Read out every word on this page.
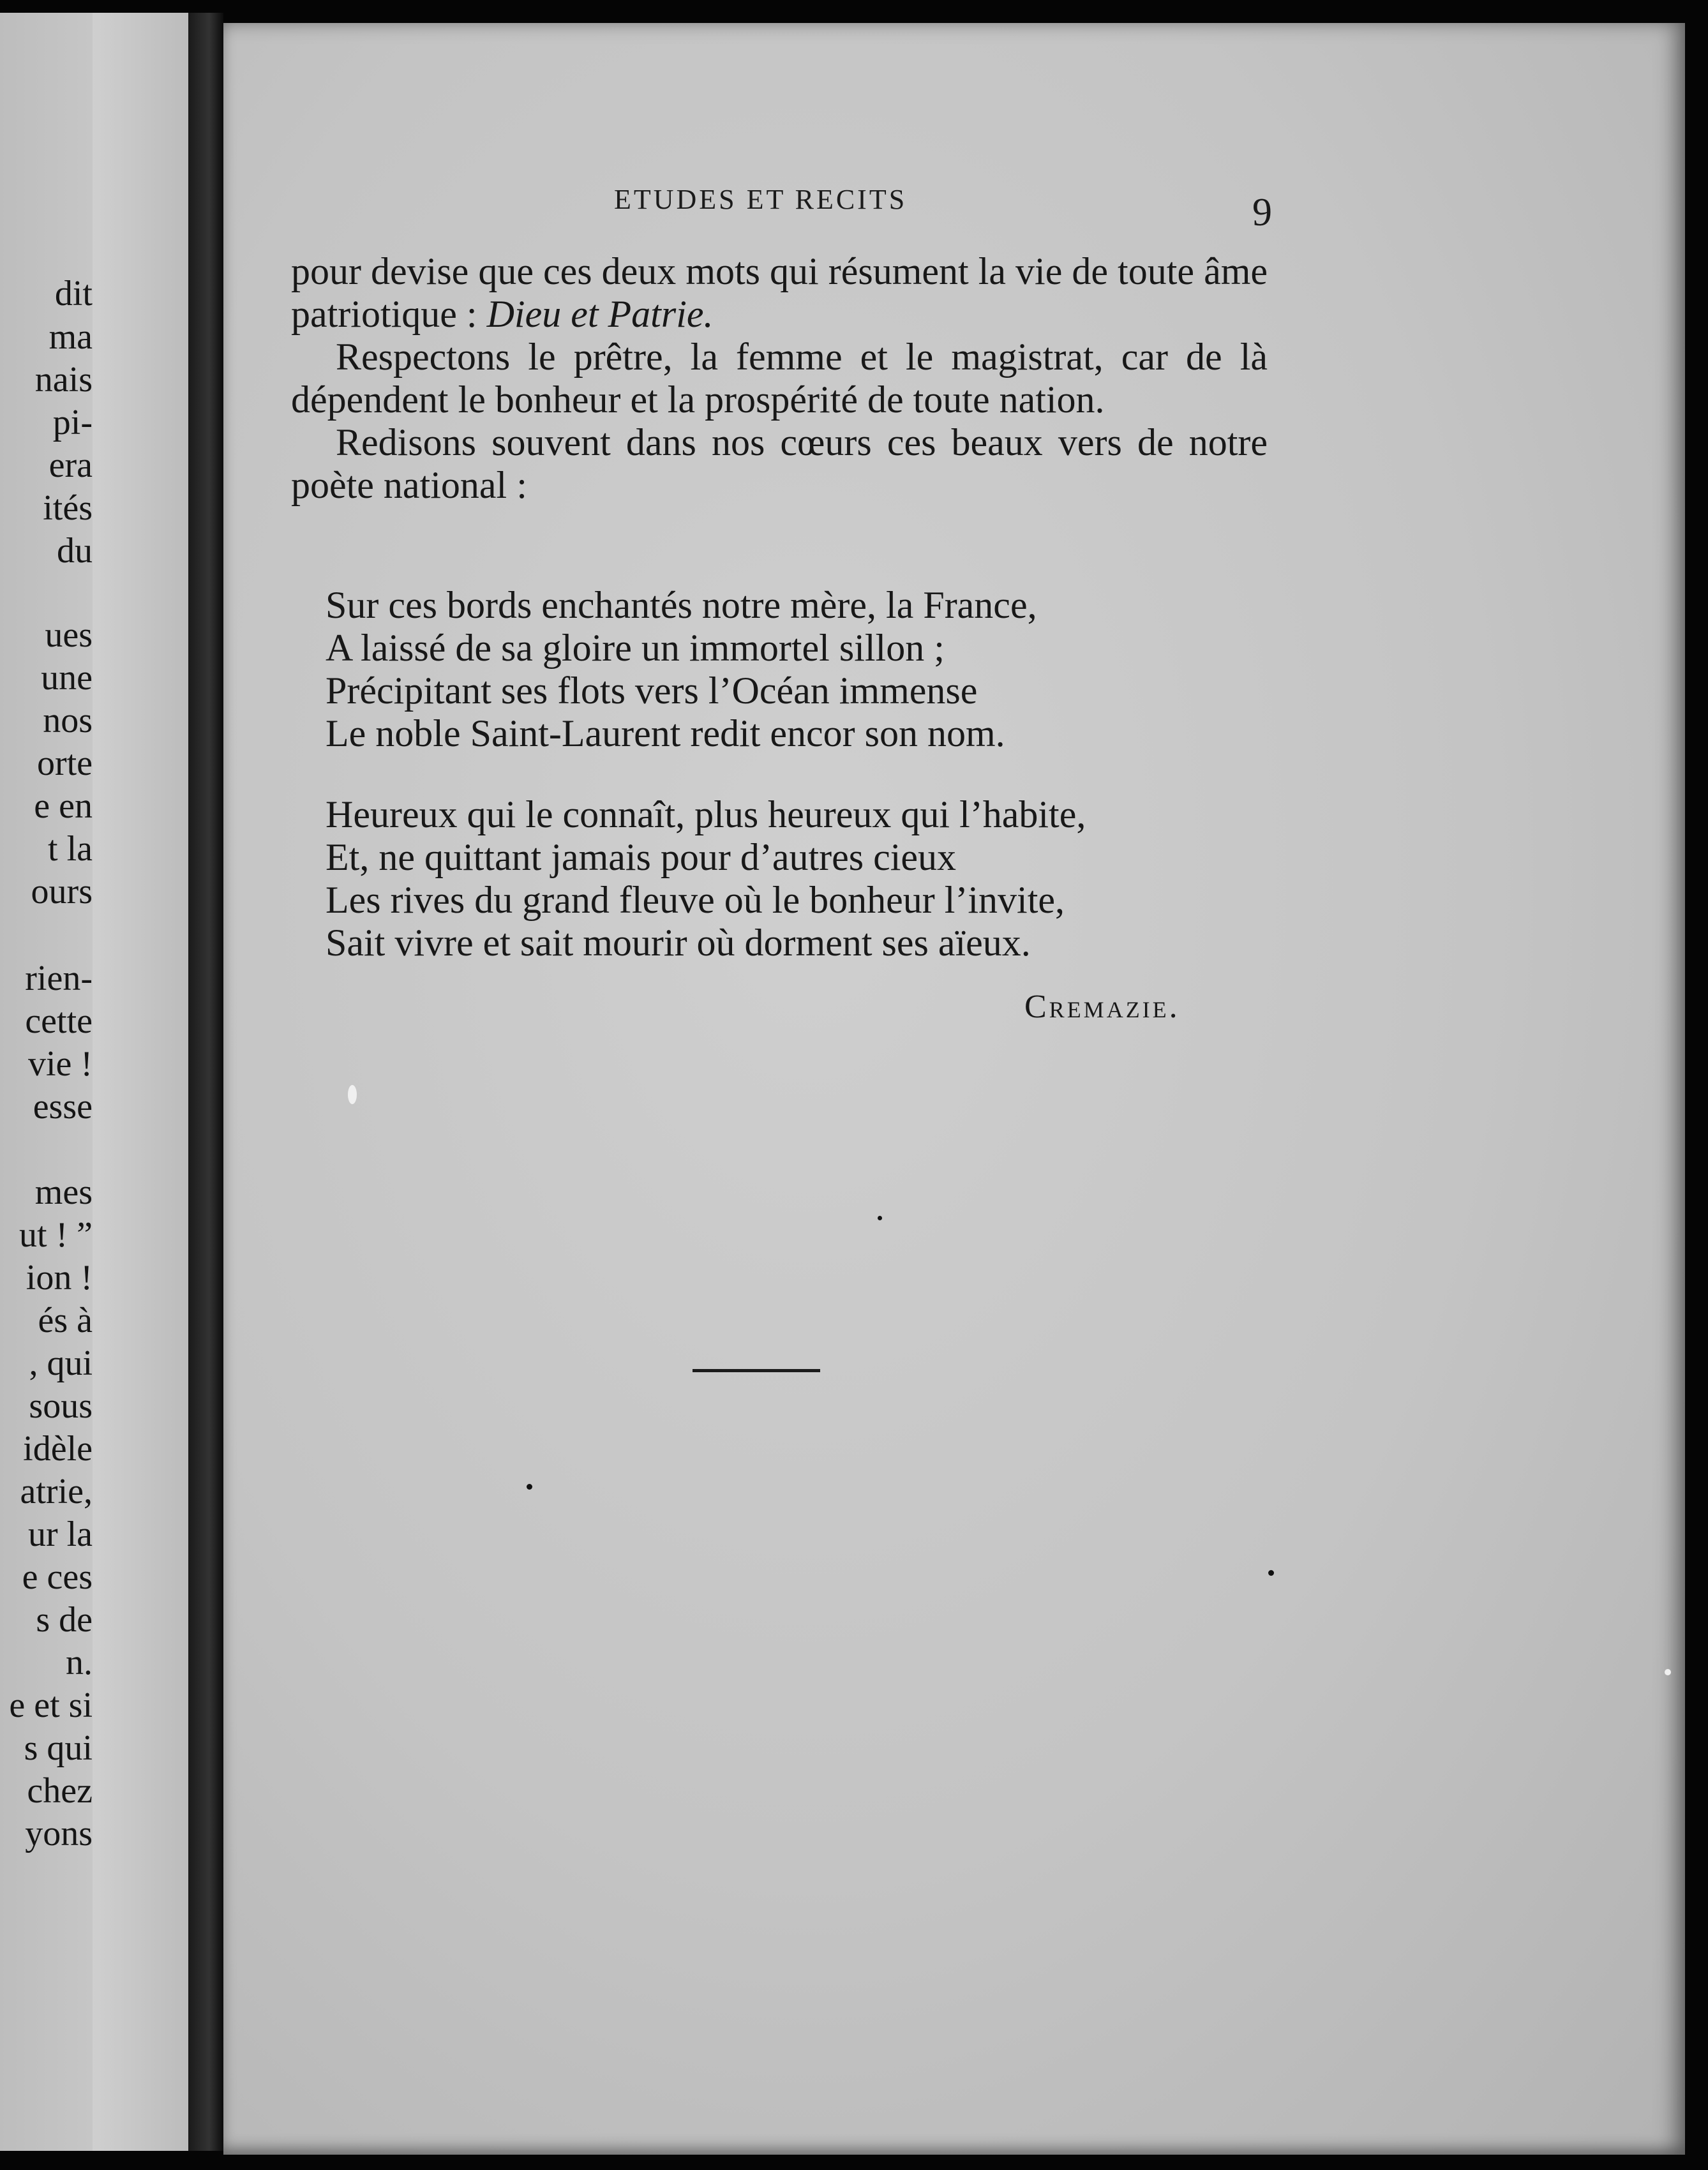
dit
ma
nais
pi-
era
ités
du
ues
une
nos
orte
e en
t la
ours
rien-
cette
vie !
esse
mes
ut ! ”
ion !
és à
, qui
sous
idèle
atrie,
ur la
e ces
s de
n.
e et si
s qui
chez
yons
ETUDES ET RECITS	9

pour devise que ces deux mots qui résument la vie de toute âme patriotique : Dieu et Patrie.

Respectons le prêtre, la femme et le magistrat, car de là dépendent le bonheur et la prospérité de toute nation.

Redisons souvent dans nos cœurs ces beaux vers de notre poète national :

Sur ces bords enchantés notre mère, la France,
A laissé de sa gloire un immortel sillon ;
Précipitant ses flots vers l’Océan immense
Le noble Saint-Laurent redit encor son nom.
Heureux qui le connaît, plus heureux qui l’habite,
Et, ne quittant jamais pour d’autres cieux
Les rives du grand fleuve où le bonheur l’invite,
Sait vivre et sait mourir où dorment ses aïeux.
Cremazie.
